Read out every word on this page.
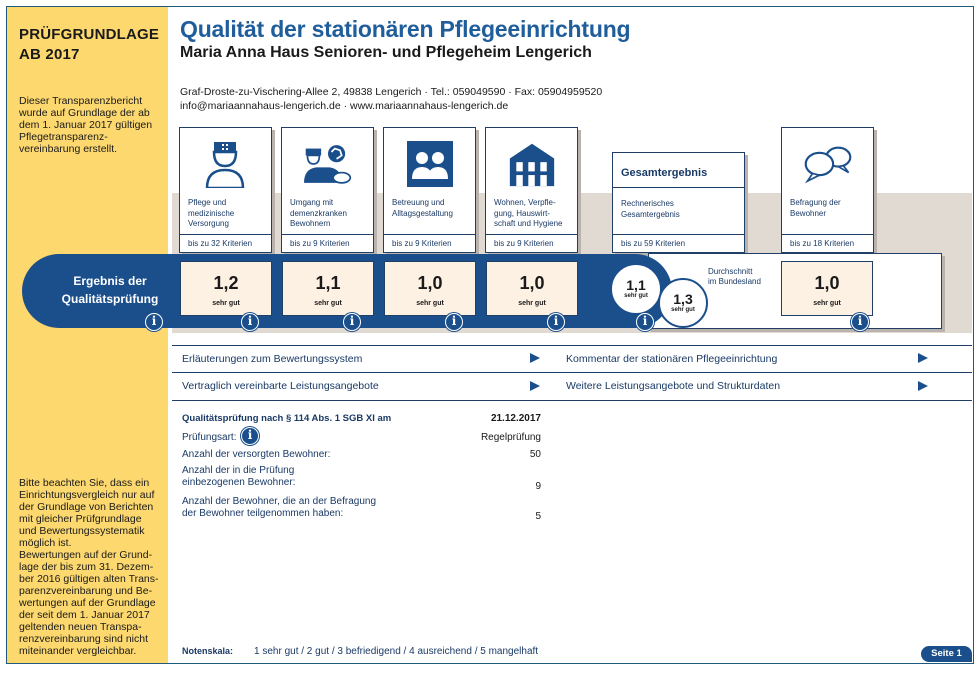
PRÜFGRUNDLAGE
AB 2017
Dieser Transparenzbericht
wurde auf Grundlage der ab
dem 1. Januar 2017 gültigen
Pflegetransparenz-
vereinbarung erstellt.
Bitte beachten Sie, dass ein
Einrichtungsvergleich nur auf
der Grundlage von Berichten
mit gleicher Prüfgrundlage
und Bewertungssystematik
möglich ist.
Bewertungen auf der Grund-
lage der bis zum 31. Dezem-
ber 2016 gültigen alten Trans-
parenzvereinbarung und Be-
wertungen auf der Grundlage
der seit dem 1. Januar 2017
geltenden neuen Transpa-
renzvereinbarung sind nicht
miteinander vergleichbar.
Qualität der stationären Pflegeeinrichtung
Maria Anna Haus Senioren- und Pflegeheim Lengerich
Graf-Droste-zu-Vischering-Allee 2, 49838 Lengerich · Tel.: 059049590 · Fax: 05904959520
info@mariaannahaus-lengerich.de · www.mariaannahaus-lengerich.de
Pflege und
medizinische
Versorgung
bis zu 32 Kriterien
Umgang mit
demenzkranken
Bewohnern
bis zu 9 Kriterien
Betreuung und
Alltagsgestaltung
bis zu 9 Kriterien
Wohnen, Verpfle-
gung, Hauswirt-
schaft und Hygiene
bis zu 9 Kriterien
Gesamtergebnis
Rechnerisches
Gesamtergebnis
bis zu 59 Kriterien
Befragung der
Bewohner
bis zu 18 Kriterien
Ergebnis der
Qualitätsprüfung
1,2
sehr gut
1,1
sehr gut
1,0
sehr gut
1,0
sehr gut
1,1
sehr gut	1,3
sehr gut
Durchschnitt
im Bundesland	1,0
sehr gut
i	i	i	i	i	i	i
Erläuterungen zum Bewertungssystem	Kommentar der stationären Pflegeeinrichtung
Vertraglich vereinbarte Leistungsangebote	Weitere Leistungsangebote und Strukturdaten
Qualitätsprüfung nach § 114 Abs. 1 SGB XI am	21.12.2017
Prüfungsart: i	Regelprüfung
Anzahl der versorgten Bewohner:	50
Anzahl der in die Prüfung
einbezogenen Bewohner:	9
Anzahl der Bewohner, die an der Befragung
der Bewohner teilgenommen haben:	5
Notenskala: 1 sehr gut / 2 gut / 3 befriedigend / 4 ausreichend / 5 mangelhaft	Seite 1
